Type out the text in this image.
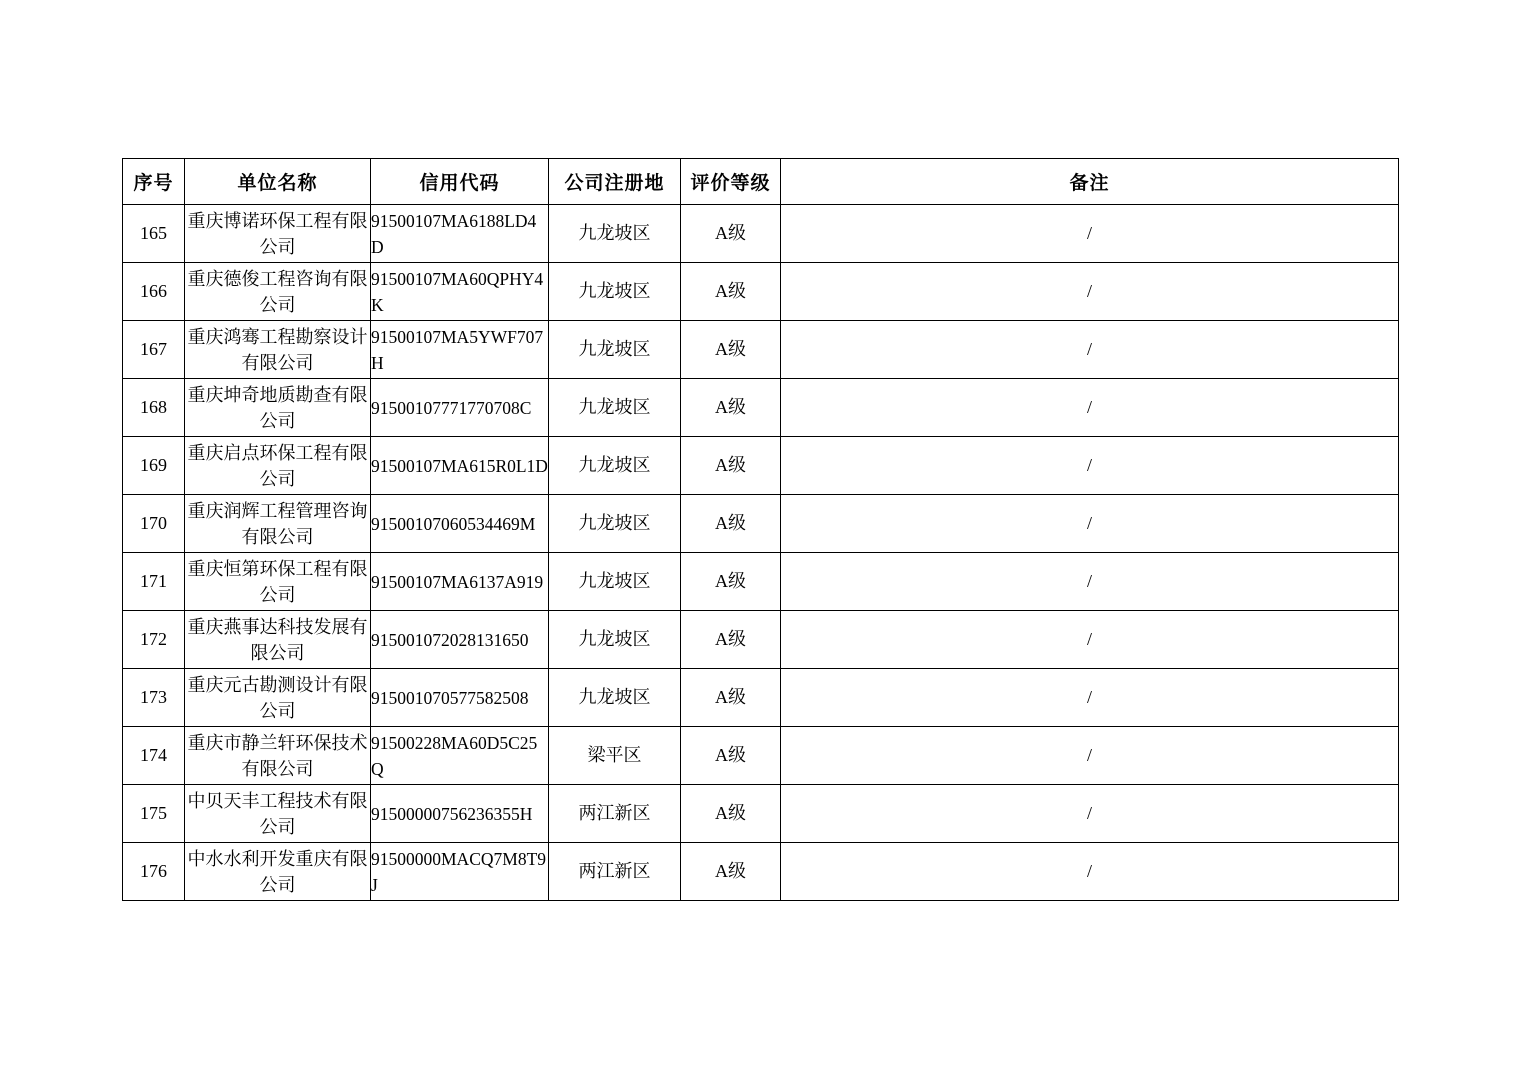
序号	单位名称	信用代码	公司注册地	评价等级	备注
165	重庆博诺环保工程有限公司	91500107MA6188LD4D	九龙坡区	A级	/
166	重庆德俊工程咨询有限公司	91500107MA60QPHY4K	九龙坡区	A级	/
167	重庆鸿骞工程勘察设计有限公司	91500107MA5YWF707H	九龙坡区	A级	/
168	重庆坤奇地质勘查有限公司	91500107771770708C	九龙坡区	A级	/
169	重庆启点环保工程有限公司	91500107MA615R0L1D	九龙坡区	A级	/
170	重庆润辉工程管理咨询有限公司	91500107060534469M	九龙坡区	A级	/
171	重庆恒第环保工程有限公司	91500107MA6137A919	九龙坡区	A级	/
172	重庆燕事达科技发展有限公司	915001072028131650	九龙坡区	A级	/
173	重庆元古勘测设计有限公司	915001070577582508	九龙坡区	A级	/
174	重庆市静兰轩环保技术有限公司	91500228MA60D5C25Q	梁平区	A级	/
175	中贝天丰工程技术有限公司	91500000756236355H	两江新区	A级	/
176	中水水利开发重庆有限公司	91500000MACQ7M8T9J	两江新区	A级	/
